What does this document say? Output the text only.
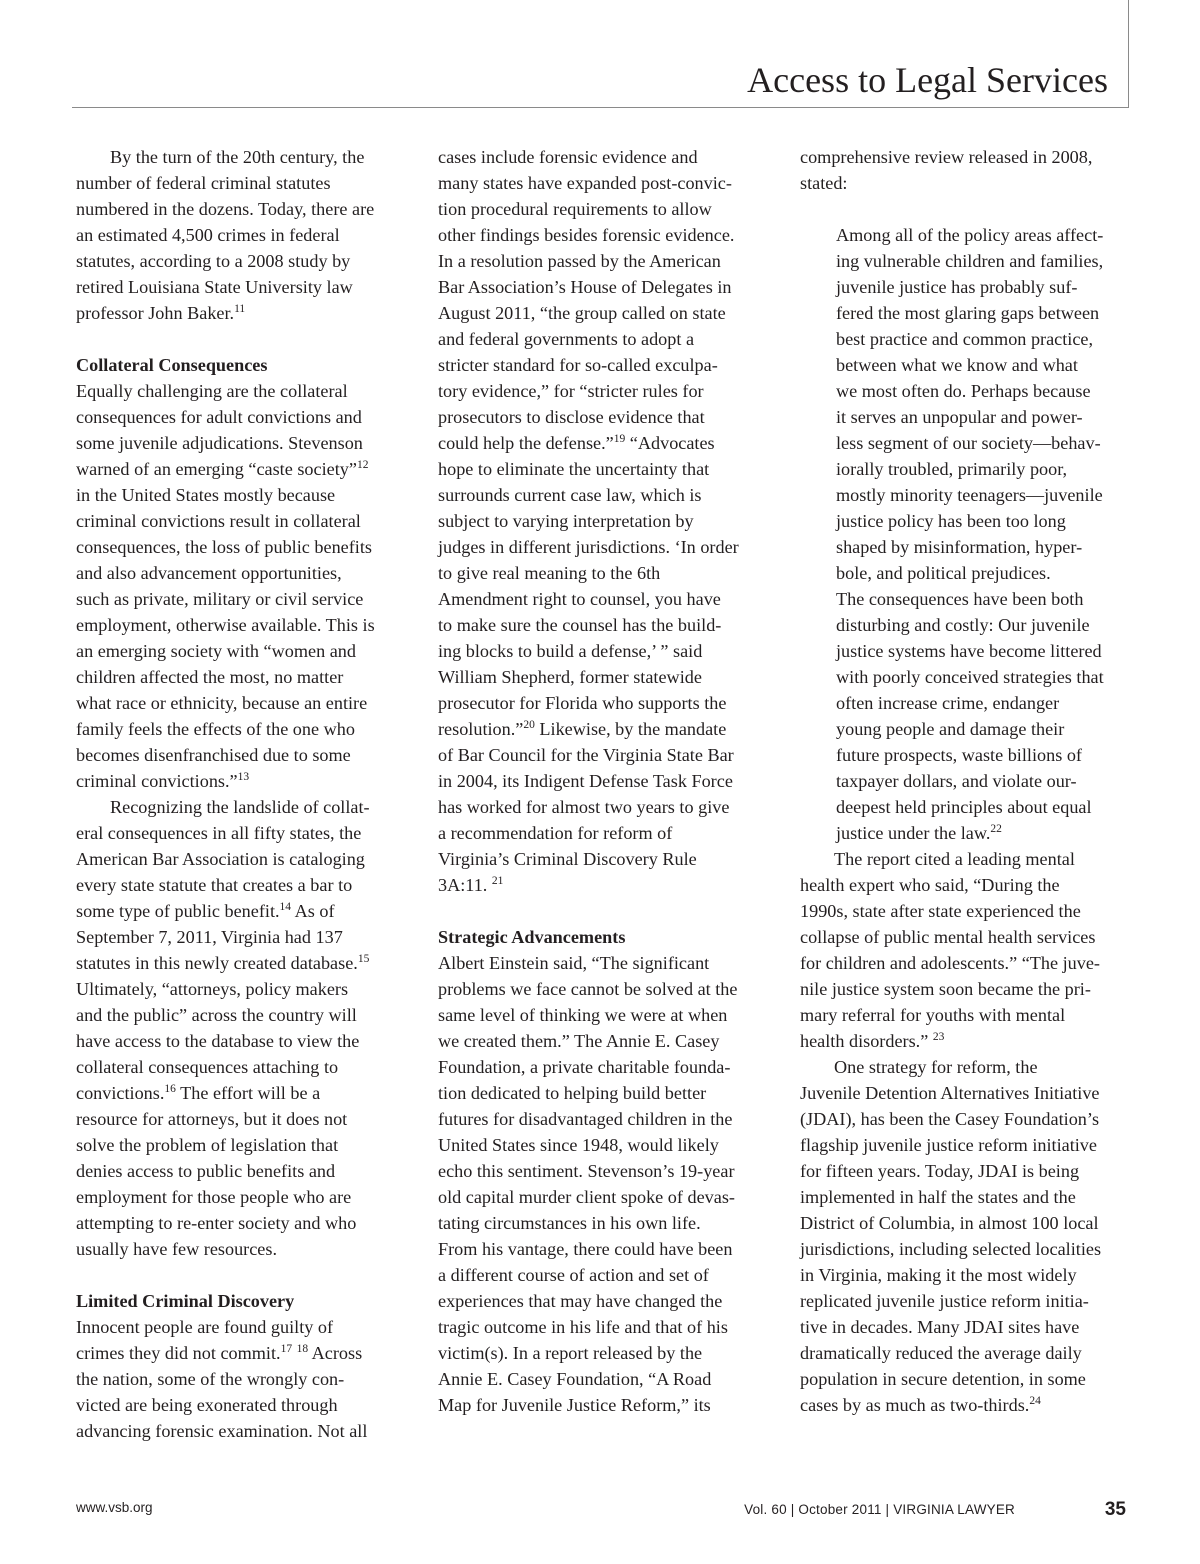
Access to Legal Services
By the turn of the 20th century, the
number of federal criminal statutes
numbered in the dozens. Today, there are
an estimated 4,500 crimes in federal
statutes, according to a 2008 study by
retired Louisiana State University law
professor John Baker.$^{11}$
Collateral Consequences
Equally challenging are the collateral
consequences for adult convictions and
some juvenile adjudications. Stevenson
warned of an emerging “caste society”$^{12}$
in the United States mostly because
criminal convictions result in collateral
consequences, the loss of public benefits
and also advancement opportunities,
such as private, military or civil service
employment, otherwise available. This is
an emerging society with “women and
children affected the most, no matter
what race or ethnicity, because an entire
family feels the effects of the one who
becomes disenfranchised due to some
criminal convictions.”$^{13}$
Recognizing the landslide of collat-
eral consequences in all fifty states, the
American Bar Association is cataloging
every state statute that creates a bar to
some type of public benefit.$^{14}$ As of
September 7, 2011, Virginia had 137
statutes in this newly created database.$^{15}$
Ultimately, “attorneys, policy makers
and the public” across the country will
have access to the database to view the
collateral consequences attaching to
convictions.$^{16}$ The effort will be a
resource for attorneys, but it does not
solve the problem of legislation that
denies access to public benefits and
employment for those people who are
attempting to re-enter society and who
usually have few resources.
Limited Criminal Discovery
Innocent people are found guilty of
crimes they did not commit.$^{17}$ $^{18}$ Across
the nation, some of the wrongly con-
victed are being exonerated through
advancing forensic examination. Not all
cases include forensic evidence and
many states have expanded post-convic-
tion procedural requirements to allow
other findings besides forensic evidence.
In a resolution passed by the American
Bar Association’s House of Delegates in
August 2011, “the group called on state
and federal governments to adopt a
stricter standard for so-called exculpa-
tory evidence,” for “stricter rules for
prosecutors to disclose evidence that
could help the defense.”$^{19}$ “Advocates
hope to eliminate the uncertainty that
surrounds current case law, which is
subject to varying interpretation by
judges in different jurisdictions. ‘In order
to give real meaning to the 6th
Amendment right to counsel, you have
to make sure the counsel has the build-
ing blocks to build a defense,’ ” said
William Shepherd, former statewide
prosecutor for Florida who supports the
resolution.”$^{20}$ Likewise, by the mandate
of Bar Council for the Virginia State Bar
in 2004, its Indigent Defense Task Force
has worked for almost two years to give
a recommendation for reform of
Virginia’s Criminal Discovery Rule
3A:11. $^{21}$
Strategic Advancements
Albert Einstein said, “The significant
problems we face cannot be solved at the
same level of thinking we were at when
we created them.” The Annie E. Casey
Foundation, a private charitable founda-
tion dedicated to helping build better
futures for disadvantaged children in the
United States since 1948, would likely
echo this sentiment. Stevenson’s 19-year
old capital murder client spoke of devas-
tating circumstances in his own life.
From his vantage, there could have been
a different course of action and set of
experiences that may have changed the
tragic outcome in his life and that of his
victim(s). In a report released by the
Annie E. Casey Foundation, “A Road
Map for Juvenile Justice Reform,” its
comprehensive review released in 2008,
stated:
Among all of the policy areas affect-
ing vulnerable children and families,
juvenile justice has probably suf-
fered the most glaring gaps between
best practice and common practice,
between what we know and what
we most often do. Perhaps because
it serves an unpopular and power-
less segment of our society—behav-
iorally troubled, primarily poor,
mostly minority teenagers—juvenile
justice policy has been too long
shaped by misinformation, hyper-
bole, and political prejudices.
The consequences have been both
disturbing and costly: Our juvenile
justice systems have become littered
with poorly conceived strategies that
often increase crime, endanger
young people and damage their
future prospects, waste billions of
taxpayer dollars, and violate our-
deepest held principles about equal
justice under the law.$^{22}$
The report cited a leading mental
health expert who said, “During the
1990s, state after state experienced the
collapse of public mental health services
for children and adolescents.” “The juve-
nile justice system soon became the pri-
mary referral for youths with mental
health disorders.” $^{23}$
One strategy for reform, the
Juvenile Detention Alternatives Initiative
(JDAI), has been the Casey Foundation’s
flagship juvenile justice reform initiative
for fifteen years. Today, JDAI is being
implemented in half the states and the
District of Columbia, in almost 100 local
jurisdictions, including selected localities
in Virginia, making it the most widely
replicated juvenile justice reform initia-
tive in decades. Many JDAI sites have
dramatically reduced the average daily
population in secure detention, in some
cases by as much as two-thirds.$^{24}$
www.vsb.org	Vol. 60 | October 2011 | VIRGINIA LAWYER	35
